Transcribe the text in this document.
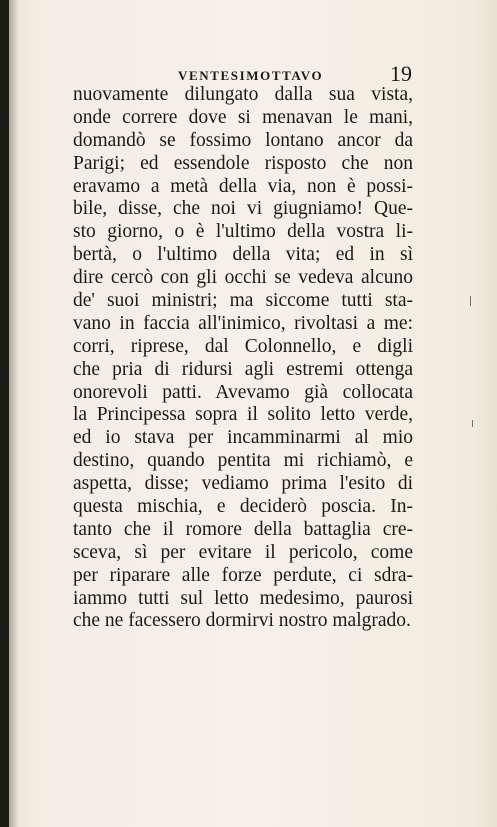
VENTESIMOTTAVO	19
nuovamente dilungato dalla sua vista,
onde correre dove si menavan le mani,
domandò se fossimo lontano ancor da
Parigi; ed essendole risposto che non
eravamo a metà della via, non è possi-
bile, disse, che noi vi giugniamo! Que-
sto giorno, o è l'ultimo della vostra li-
bertà, o l'ultimo della vita; ed in sì
dire cercò con gli occhi se vedeva alcuno
de' suoi ministri; ma siccome tutti sta-
vano in faccia all'inimico, rivoltasi a me:
corri, riprese, dal Colonnello, e digli
che pria di ridursi agli estremi ottenga
onorevoli patti. Avevamo già collocata
la Principessa sopra il solito letto verde,
ed io stava per incamminarmi al mio
destino, quando pentita mi richiamò, e
aspetta, disse; vediamo prima l'esito di
questa mischia, e deciderò poscia. In-
tanto che il romore della battaglia cre-
sceva, sì per evitare il pericolo, come
per riparare alle forze perdute, ci sdra-
iammo tutti sul letto medesimo, paurosi
che ne facessero dormirvi nostro malgrado.
